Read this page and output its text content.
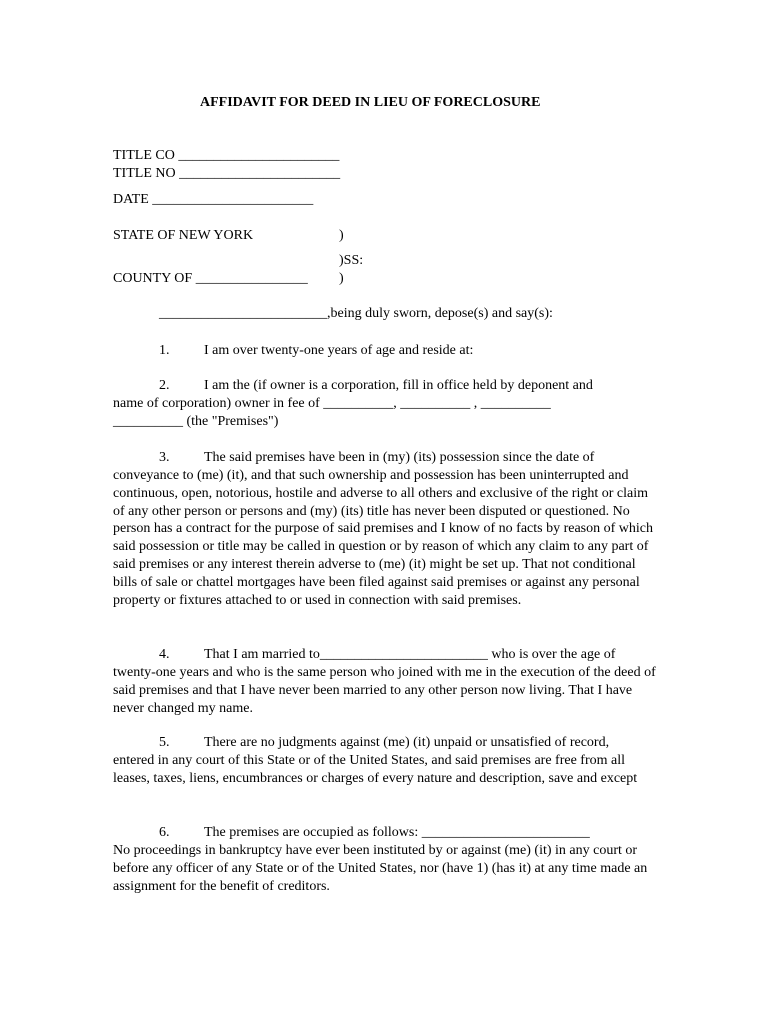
AFFIDAVIT FOR DEED IN LIEU OF FORECLOSURE
TITLE CO _______________________
TITLE NO _______________________
DATE _______________________
STATE OF NEW YORK	)
)SS:
COUNTY OF ________________ )
________________________,being duly sworn, depose(s) and say(s):
1. I am over twenty-one years of age and reside at:
2. I am the (if owner is a corporation, fill in office held by deponent and
name of corporation) owner in fee of __________, __________ , __________ __________ (the "Premises")
3. The said premises have been in (my) (its) possession since the date of
conveyance to (me) (it), and that such ownership and possession has been uninterrupted and continuous, open, notorious, hostile and adverse to all others and exclusive of the right or claim of any other person or persons and (my) (its) title has never been disputed or questioned. No person has a contract for the purpose of said premises and I know of no facts by reason of which said possession or title may be called in question or by reason of which any claim to any part of said premises or any interest therein adverse to (me) (it) might be set up. That not conditional bills of sale or chattel mortgages have been filed against said premises or against any personal property or fixtures attached to or used in connection with said premises.
4. That I am married to________________________ who is over the age of
twenty-one years and who is the same person who joined with me in the execution of the deed of said premises and that I have never been married to any other person now living. That I have never changed my name.
5. There are no judgments against (me) (it) unpaid or unsatisfied of record,
entered in any court of this State or of the United States, and said premises are free from all leases, taxes, liens, encumbrances or charges of every nature and description, save and except
6. The premises are occupied as follows: ________________________
No proceedings in bankruptcy have ever been instituted by or against (me) (it) in any court or before any officer of any State or of the United States, nor (have 1) (has it) at any time made an assignment for the benefit of creditors.
